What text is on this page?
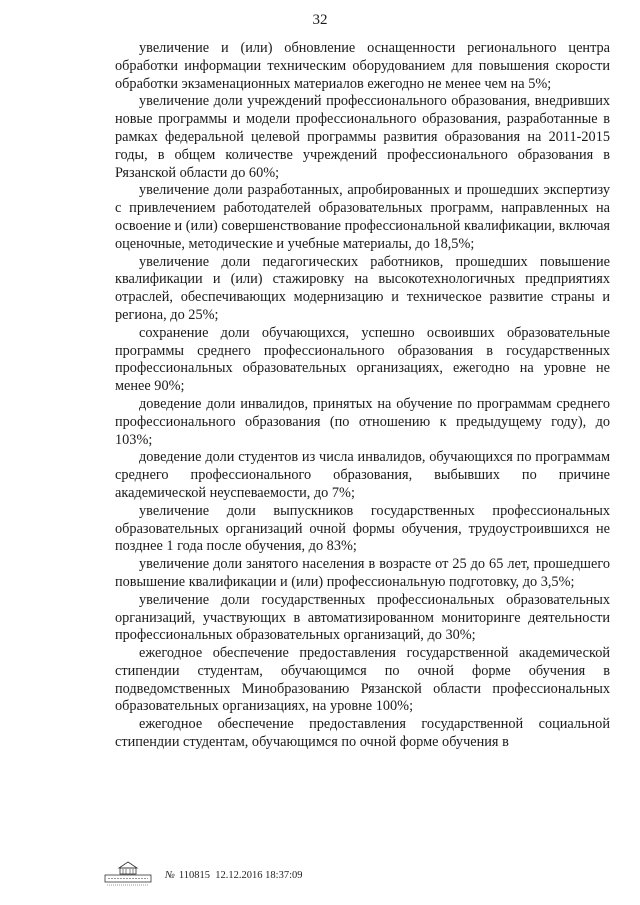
32

увеличение и (или) обновление оснащенности регионального центра обработки информации техническим оборудованием для повышения скорости обработки экзаменационных материалов ежегодно не менее чем на 5%;

увеличение доли учреждений профессионального образования, внедривших новые программы и модели профессионального образования, разработанные в рамках федеральной целевой программы развития образования на 2011-2015 годы, в общем количестве учреждений профессионального образования в Рязанской области до 60%;

увеличение доли разработанных, апробированных и прошедших экспертизу с привлечением работодателей образовательных программ, направленных на освоение и (или) совершенствование профессиональной квалификации, включая оценочные, методические и учебные материалы, до 18,5%;

увеличение доли педагогических работников, прошедших повышение квалификации и (или) стажировку на высокотехнологичных предприятиях отраслей, обеспечивающих модернизацию и техническое развитие страны и региона, до 25%;

сохранение доли обучающихся, успешно освоивших образовательные программы среднего профессионального образования в государственных профессиональных образовательных организациях, ежегодно на уровне не менее 90%;

доведение доли инвалидов, принятых на обучение по программам среднего профессионального образования (по отношению к предыдущему году), до 103%;

доведение доли студентов из числа инвалидов, обучающихся по программам среднего профессионального образования, выбывших по причине академической неуспеваемости, до 7%;

увеличение доли выпускников государственных профессиональных образовательных организаций очной формы обучения, трудоустроившихся не позднее 1 года после обучения, до 83%;

увеличение доли занятого населения в возрасте от 25 до 65 лет, прошедшего повышение квалификации и (или) профессиональную подготовку, до 3,5%;

увеличение доли государственных профессиональных образовательных организаций, участвующих в автоматизированном мониторинге деятельности профессиональных образовательных организаций, до 30%;

ежегодное обеспечение предоставления государственной академической стипендии студентам, обучающимся по очной форме обучения в подведомственных Минобразованию Рязанской области профессиональных образовательных организациях, на уровне 100%;

ежегодное обеспечение предоставления государственной социальной стипендии студентам, обучающимся по очной форме обучения в

№ 110815 12.12.2016 18:37:09
